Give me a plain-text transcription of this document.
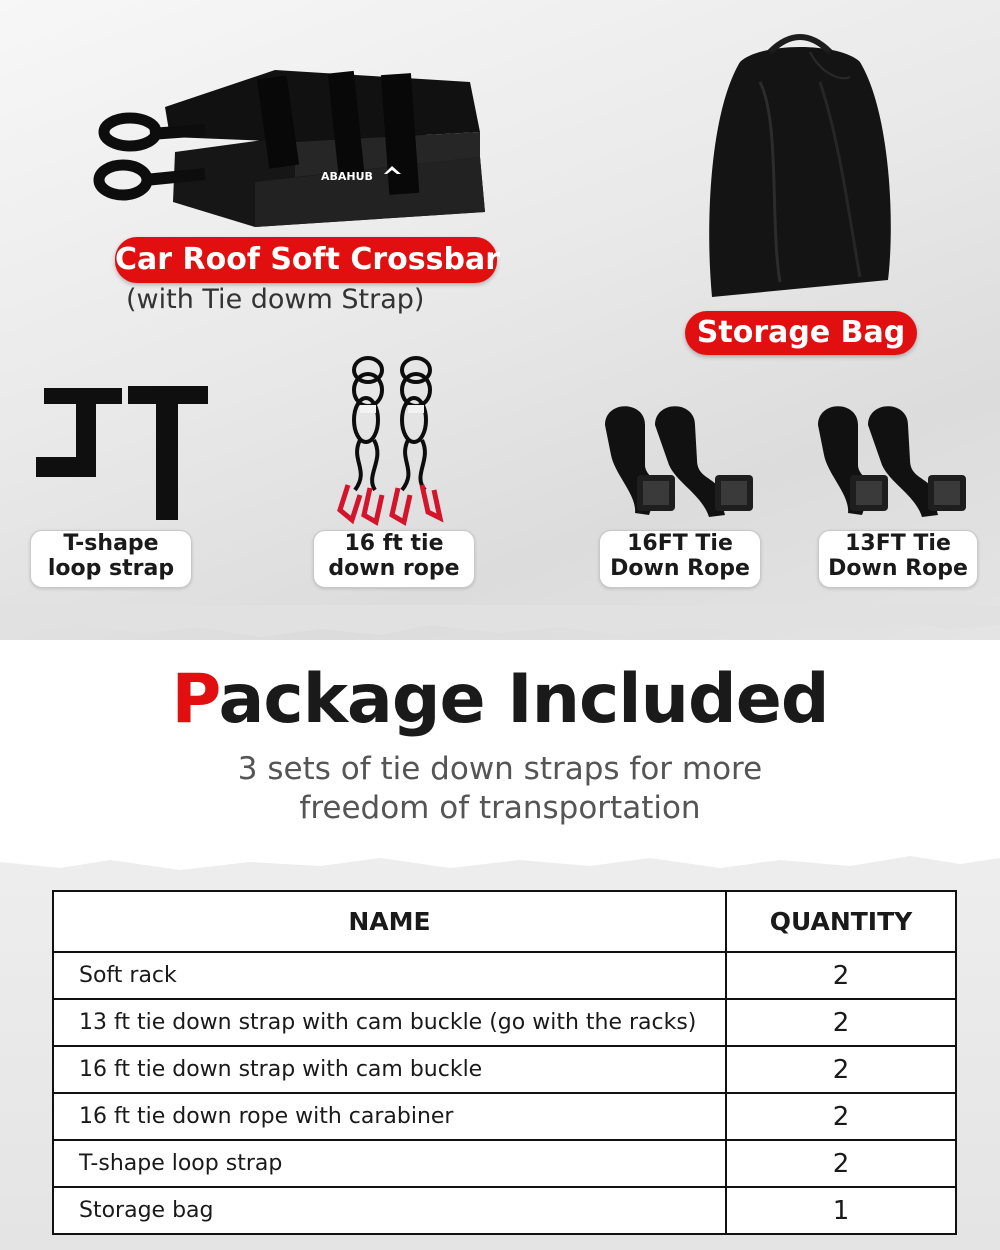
ABAHUB
Car Roof Soft Crossbar
(with Tie dowm Strap)
Storage Bag
T-shape
loop strap
16 ft tie
down rope
16FT Tie
Down Rope
13FT Tie
Down Rope
Package Included
3 sets of tie down straps for more
freedom of transportation
NAME	QUANTITY
Soft rack	2
13 ft tie down strap with cam buckle (go with the racks)	2
16 ft tie down strap with cam buckle	2
16 ft tie down rope with carabiner	2
T-shape loop strap	2
Storage bag	1
